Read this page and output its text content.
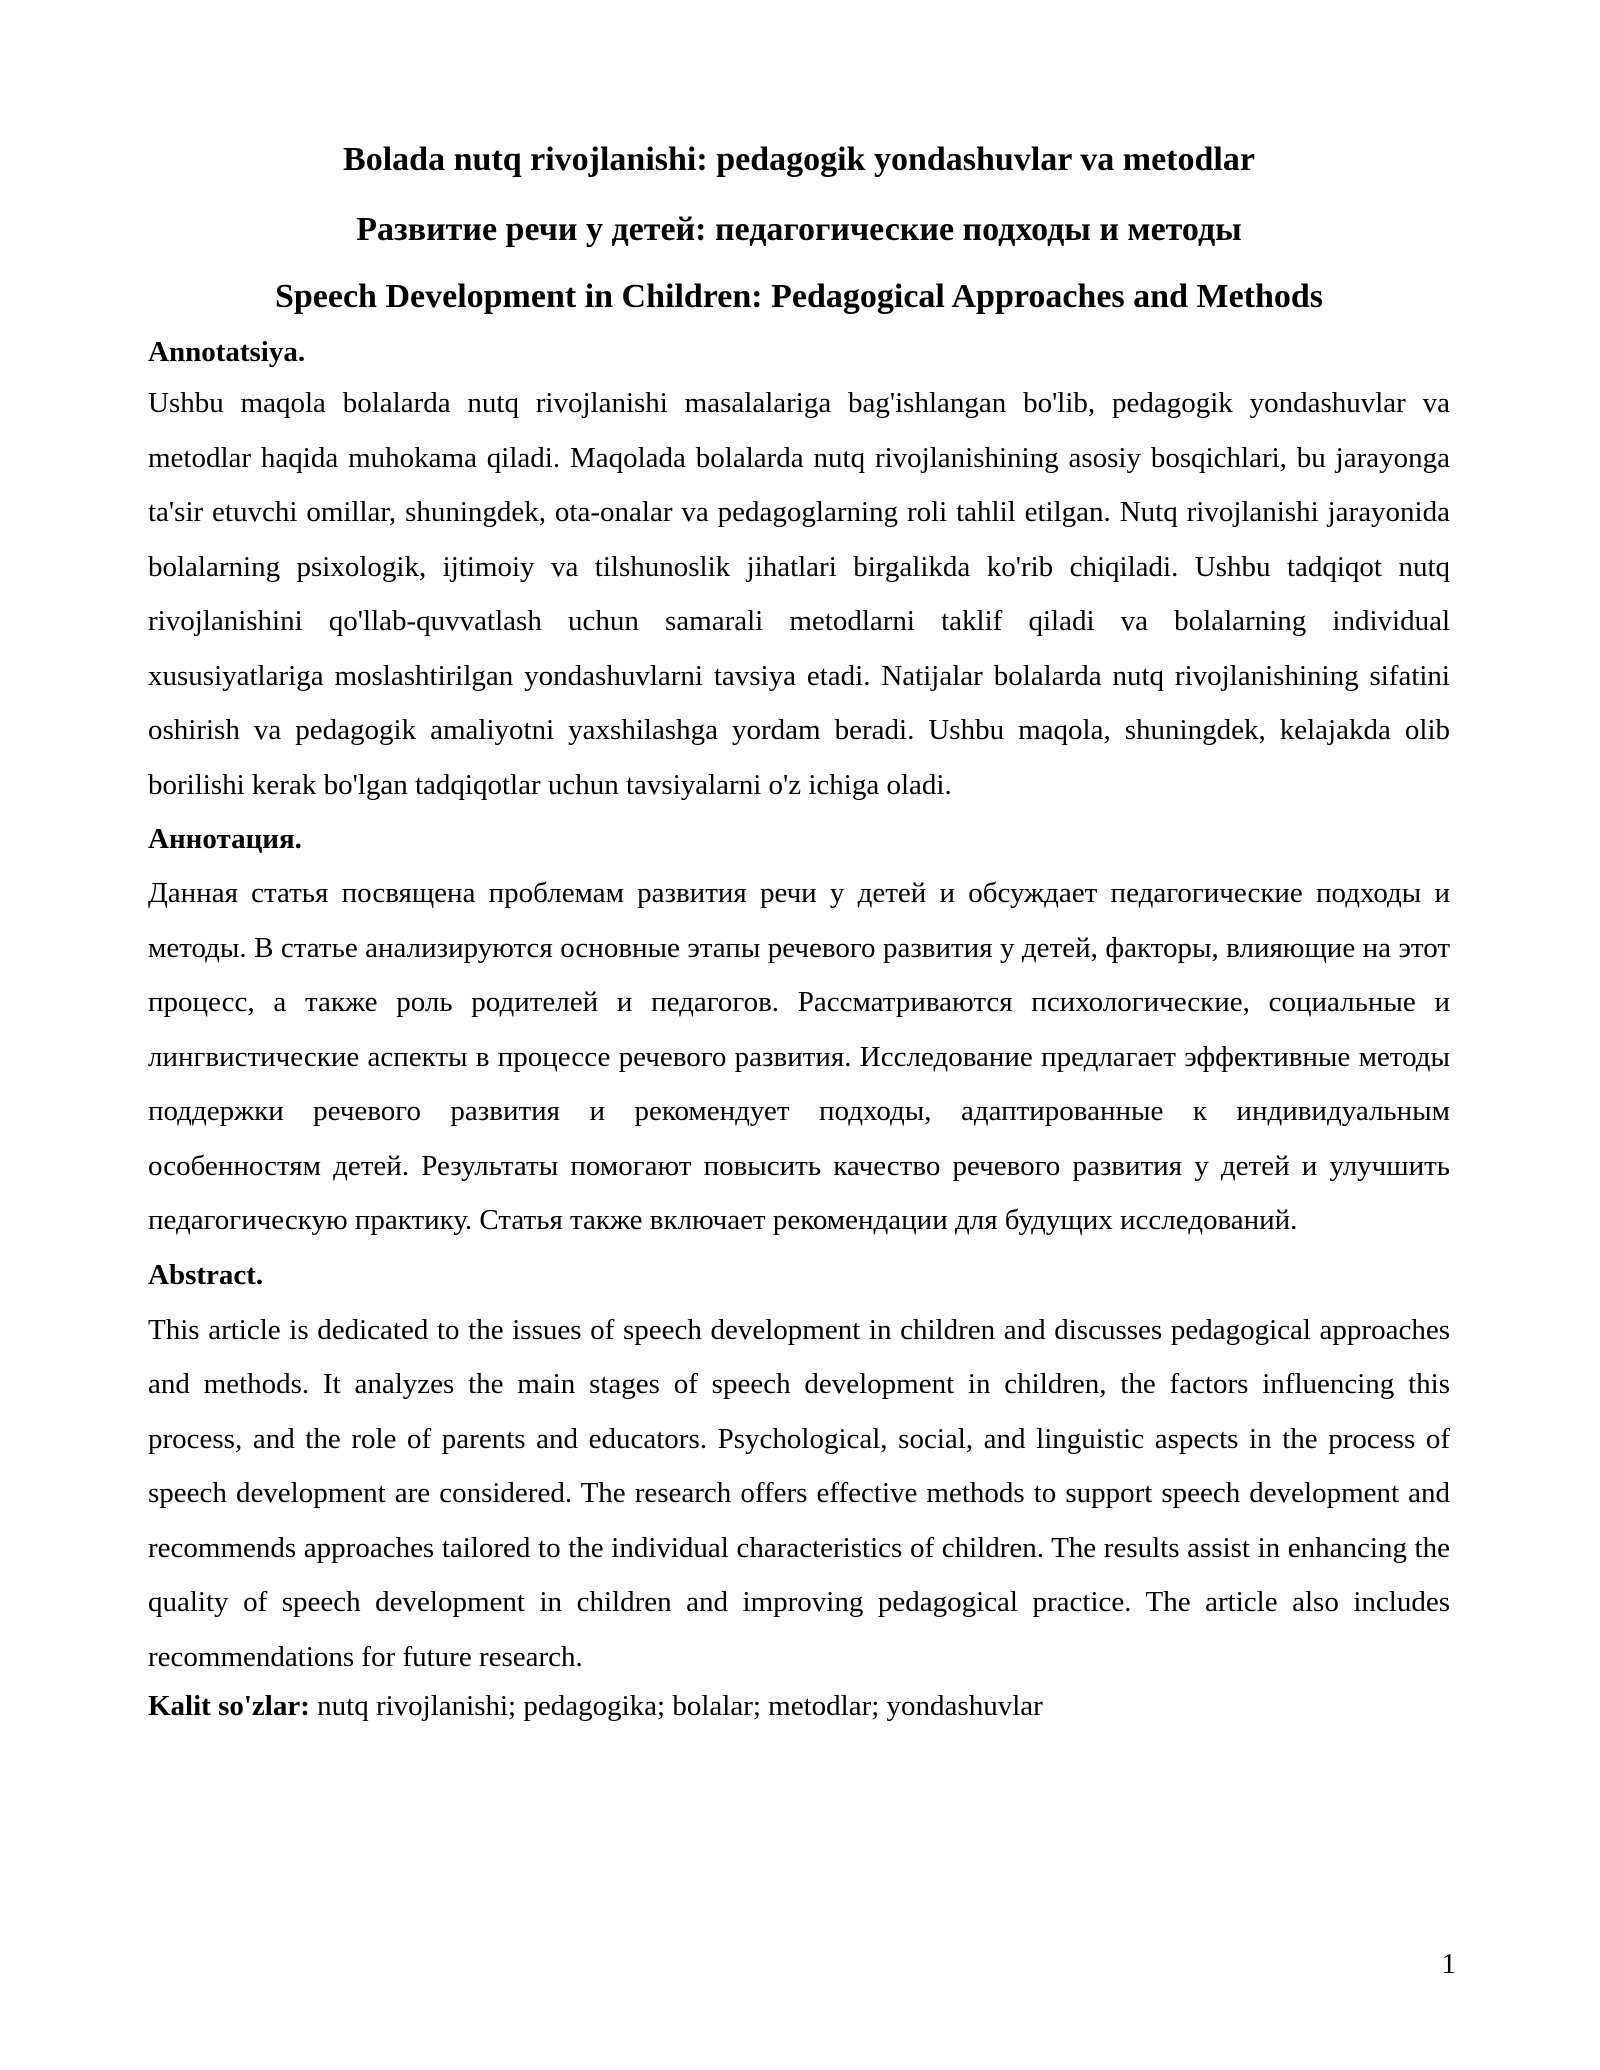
Bolada nutq rivojlanishi: pedagogik yondashuvlar va metodlar
Развитие речи у детей: педагогические подходы и методы
Speech Development in Children: Pedagogical Approaches and Methods

Annotatsiya.

Ushbu maqola bolalarda nutq rivojlanishi masalalariga bag'ishlangan bo'lib, pedagogik yondashuvlar va metodlar haqida muhokama qiladi. Maqolada bolalarda nutq rivojlanishining asosiy bosqichlari, bu jarayonga ta'sir etuvchi omillar, shuningdek, ota-onalar va pedagoglarning roli tahlil etilgan. Nutq rivojlanishi jarayonida bolalarning psixologik, ijtimoiy va tilshunoslik jihatlari birgalikda ko'rib chiqiladi. Ushbu tadqiqot nutq rivojlanishini qo'llab-quvvatlash uchun samarali metodlarni taklif qiladi va bolalarning individual xususiyatlariga moslashtirilgan yondashuvlarni tavsiya etadi. Natijalar bolalarda nutq rivojlanishining sifatini oshirish va pedagogik amaliyotni yaxshilashga yordam beradi. Ushbu maqola, shuningdek, kelajakda olib borilishi kerak bo'lgan tadqiqotlar uchun tavsiyalarni o'z ichiga oladi.

Аннотация.

Данная статья посвящена проблемам развития речи у детей и обсуждает педагогические подходы и методы. В статье анализируются основные этапы речевого развития у детей, факторы, влияющие на этот процесс, а также роль родителей и педагогов. Рассматриваются психологические, социальные и лингвистические аспекты в процессе речевого развития. Исследование предлагает эффективные методы поддержки речевого развития и рекомендует подходы, адаптированные к индивидуальным особенностям детей. Результаты помогают повысить качество речевого развития у детей и улучшить педагогическую практику. Статья также включает рекомендации для будущих исследований.

Abstract.

This article is dedicated to the issues of speech development in children and discusses pedagogical approaches and methods. It analyzes the main stages of speech development in children, the factors influencing this process, and the role of parents and educators. Psychological, social, and linguistic aspects in the process of speech development are considered. The research offers effective methods to support speech development and recommends approaches tailored to the individual characteristics of children. The results assist in enhancing the quality of speech development in children and improving pedagogical practice. The article also includes recommendations for future research.

Kalit so'zlar: nutq rivojlanishi; pedagogika; bolalar; metodlar; yondashuvlar

1
